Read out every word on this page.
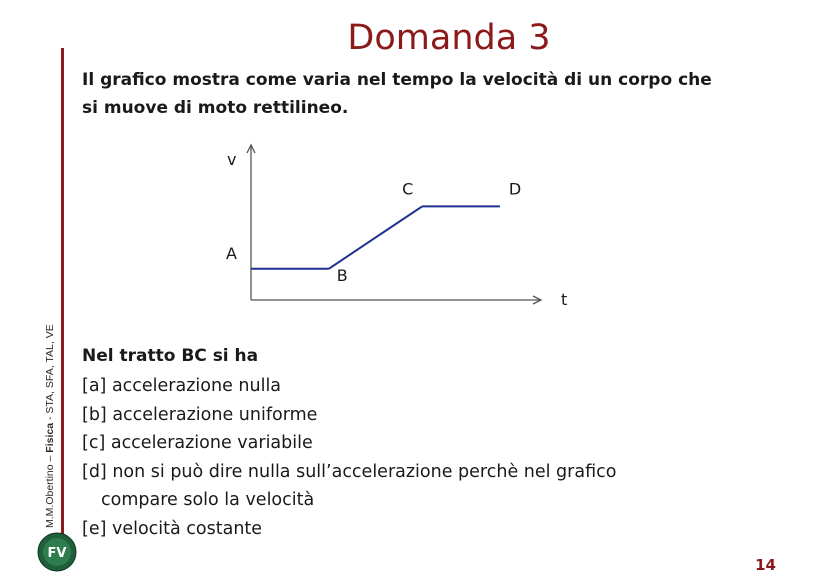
M.M.Obertino – Fisica - STA, SFA, TAL, VE
FV
Domanda 3
Il grafico mostra come varia nel tempo la velocità di un corpo che
si muove di moto rettilineo.
t
v
A
B
C	D
Nel tratto BC si ha
[a] accelerazione nulla
[b] accelerazione uniforme
[c] accelerazione variabile
[d] non si può dire nulla sull’accelerazione perchè nel grafico
compare solo la velocità
[e] velocità costante
14
